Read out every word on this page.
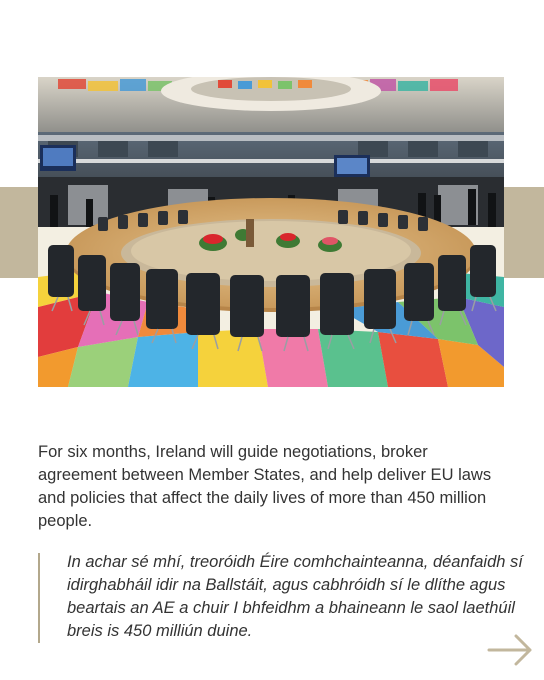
For six months, Ireland will guide negotiations, broker agreement between Member States, and help deliver EU laws and policies that affect the daily lives of more than 450 million people.

In achar sé mhí, treoróidh Éire comhchainteanna, déanfaidh sí idirghabháil idir na Ballstáit, agus cabhróidh sí le dlíthe agus beartais an AE a chuir I bhfeidhm a bhaineann le saol laethúil breis is 450 milliún duine.
